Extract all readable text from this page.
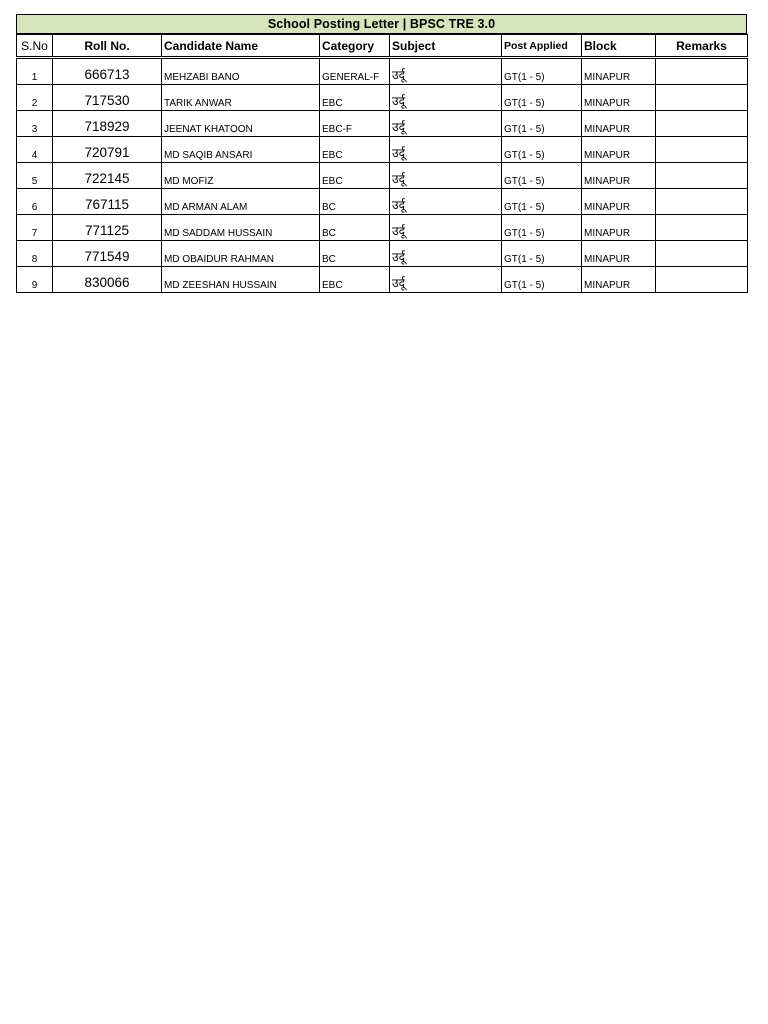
School Posting Letter | BPSC TRE 3.0
S.No	Roll No.	Candidate Name	Category	Subject	Post Applied	Block	Remarks

1	666713	MEHZABI BANO	GENERAL-F	उर्दू	GT(1 - 5)	MINAPUR	
2	717530	TARIK ANWAR	EBC	उर्दू	GT(1 - 5)	MINAPUR	
3	718929	JEENAT KHATOON	EBC-F	उर्दू	GT(1 - 5)	MINAPUR	
4	720791	MD SAQIB ANSARI	EBC	उर्दू	GT(1 - 5)	MINAPUR	
5	722145	MD MOFIZ	EBC	उर्दू	GT(1 - 5)	MINAPUR	
6	767115	MD ARMAN ALAM	BC	उर्दू	GT(1 - 5)	MINAPUR	
7	771125	MD SADDAM HUSSAIN	BC	उर्दू	GT(1 - 5)	MINAPUR	
8	771549	MD OBAIDUR RAHMAN	BC	उर्दू	GT(1 - 5)	MINAPUR	
9	830066	MD ZEESHAN HUSSAIN	EBC	उर्दू	GT(1 - 5)	MINAPUR	
